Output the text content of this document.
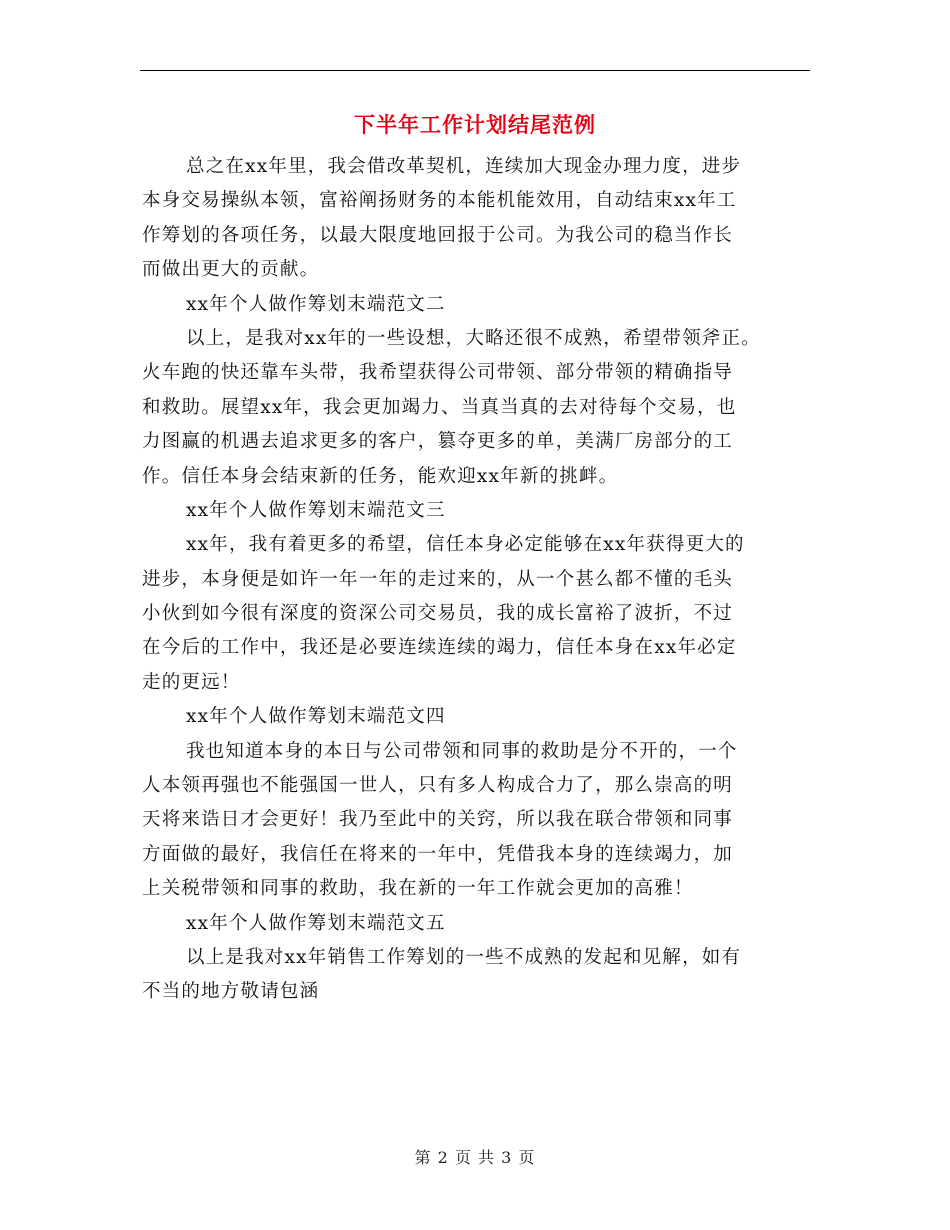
下半年工作计划结尾范例
总之在xx年里，我会借改革契机，连续加大现金办理力度，进步
本身交易操纵本领，富裕阐扬财务的本能机能效用，自动结束xx年工
作筹划的各项任务，以最大限度地回报于公司。为我公司的稳当作长
而做出更大的贡献。
xx年个人做作筹划末端范文二
以上，是我对xx年的一些设想，大略还很不成熟，希望带领斧正。
火车跑的快还靠车头带，我希望获得公司带领、部分带领的精确指导
和救助。展望xx年，我会更加竭力、当真当真的去对待每个交易，也
力图赢的机遇去追求更多的客户，篡夺更多的单，美满厂房部分的工
作。信任本身会结束新的任务，能欢迎xx年新的挑衅。
xx年个人做作筹划末端范文三
xx年，我有着更多的希望，信任本身必定能够在xx年获得更大的
进步，本身便是如许一年一年的走过来的，从一个甚么都不懂的毛头
小伙到如今很有深度的资深公司交易员，我的成长富裕了波折，不过
在今后的工作中，我还是必要连续连续的竭力，信任本身在xx年必定
走的更远！
xx年个人做作筹划末端范文四
我也知道本身的本日与公司带领和同事的救助是分不开的，一个
人本领再强也不能强国一世人，只有多人构成合力了，那么崇高的明
天将来诰日才会更好！我乃至此中的关窍，所以我在联合带领和同事
方面做的最好，我信任在将来的一年中，凭借我本身的连续竭力，加
上关税带领和同事的救助，我在新的一年工作就会更加的高雅！
xx年个人做作筹划末端范文五
以上是我对xx年销售工作筹划的一些不成熟的发起和见解，如有
不当的地方敬请包涵
第 2 页 共 3 页
